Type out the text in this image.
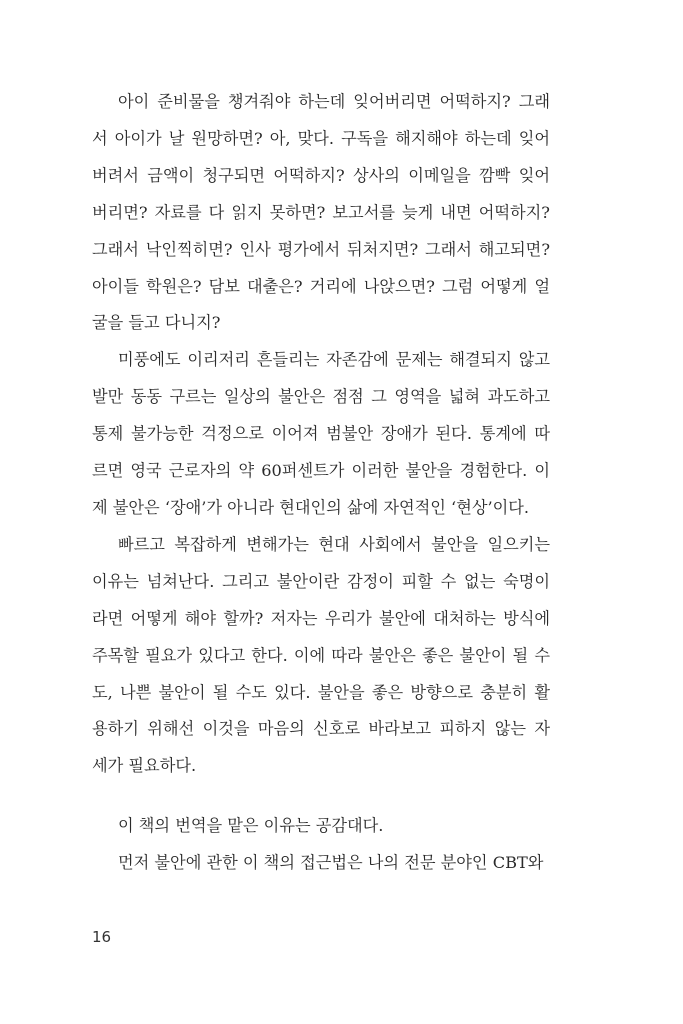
아이 준비물을 챙겨줘야 하는데 잊어버리면 어떡하지? 그래
서 아이가 날 원망하면? 아, 맞다. 구독을 해지해야 하는데 잊어
버려서 금액이 청구되면 어떡하지? 상사의 이메일을 깜빡 잊어
버리면? 자료를 다 읽지 못하면? 보고서를 늦게 내면 어떡하지?
그래서 낙인찍히면? 인사 평가에서 뒤처지면? 그래서 해고되면?
아이들 학원은? 담보 대출은? 거리에 나앉으면? 그럼 어떻게 얼
굴을 들고 다니지?
미풍에도 이리저리 흔들리는 자존감에 문제는 해결되지 않고
발만 동동 구르는 일상의 불안은 점점 그 영역을 넓혀 과도하고
통제 불가능한 걱정으로 이어져 범불안 장애가 된다. 통계에 따
르면 영국 근로자의 약 60퍼센트가 이러한 불안을 경험한다. 이
제 불안은 ‘장애’가 아니라 현대인의 삶에 자연적인 ‘현상’이다.
빠르고 복잡하게 변해가는 현대 사회에서 불안을 일으키는
이유는 넘쳐난다. 그리고 불안이란 감정이 피할 수 없는 숙명이
라면 어떻게 해야 할까? 저자는 우리가 불안에 대처하는 방식에
주목할 필요가 있다고 한다. 이에 따라 불안은 좋은 불안이 될 수
도, 나쁜 불안이 될 수도 있다. 불안을 좋은 방향으로 충분히 활
용하기 위해선 이것을 마음의 신호로 바라보고 피하지 않는 자
세가 필요하다.
이 책의 번역을 맡은 이유는 공감대다.
먼저 불안에 관한 이 책의 접근법은 나의 전문 분야인 CBT와
16
